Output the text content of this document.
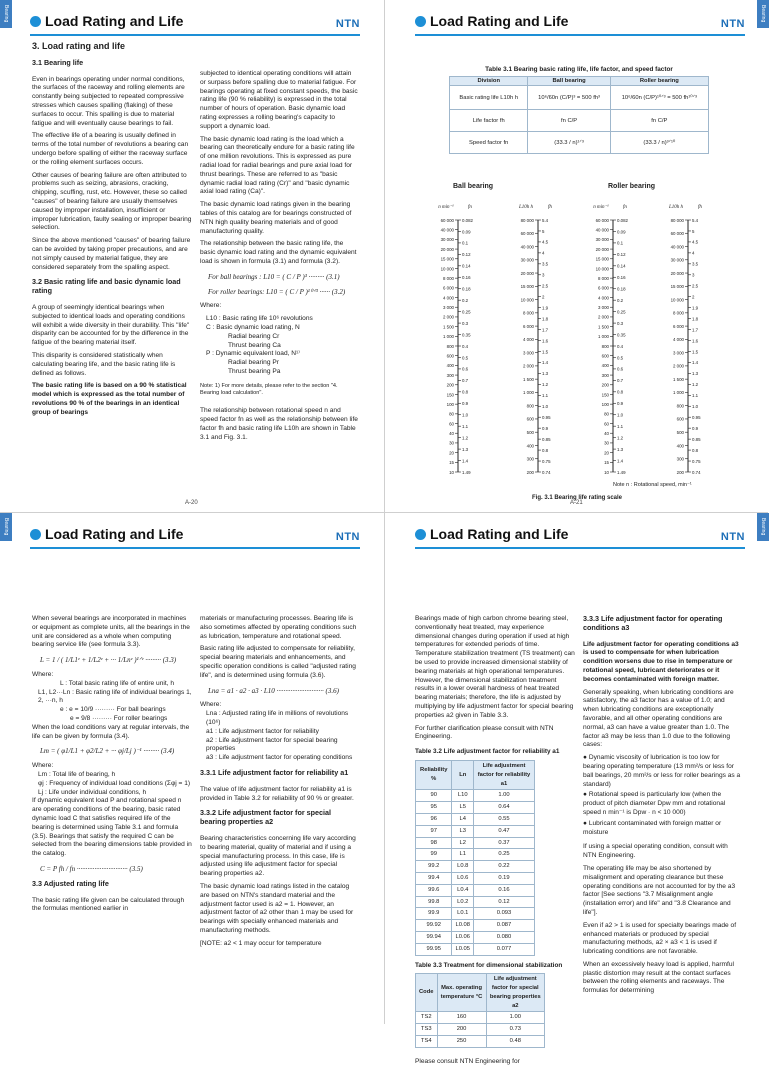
Bearing	Load Rating and Life	NTN
3. Load rating and life
3.1 Bearing life

Even in bearings operating under normal conditions, the surfaces of the raceway and rolling elements are constantly being subjected to repeated compressive stresses which causes spalling (flaking) of these surfaces to occur. This spalling is due to material fatigue and will eventually cause bearings to fail.

The effective life of a bearing is usually defined in terms of the total number of revolutions a bearing can undergo before spalling of either the raceway surface or the rolling element surfaces occurs.

Other causes of bearing failure are often attributed to problems such as seizing, abrasions, cracking, chipping, scuffing, rust, etc. However, these so called "causes" of bearing failure are usually themselves caused by improper installation, insufficient or improper lubrication, faulty sealing or improper bearing selection.

Since the above mentioned "causes" of bearing failure can be avoided by taking proper precautions, and are not simply caused by material fatigue, they are considered separately from the spalling aspect.

3.2 Basic rating life and basic dynamic load rating

A group of seemingly identical bearings when subjected to identical loads and operating conditions will exhibit a wide diversity in their durability. This "life" disparity can be accounted for by the difference in the fatigue of the bearing material itself.

This disparity is considered statistically when calculating bearing life, and the basic rating life is defined as follows.

The basic rating life is based on a 90 % statistical model which is expressed as the total number of revolutions 90 % of the bearings in an identical group of bearings

subjected to identical operating conditions will attain or surpass before spalling due to material fatigue. For bearings operating at fixed constant speeds, the basic rating life (90 % reliability) is expressed in the total number of hours of operation. Basic dynamic load rating expresses a rolling bearing's capacity to support a dynamic load.

The basic dynamic load rating is the load which a bearing can theoretically endure for a basic rating life of one million revolutions. This is expressed as pure radial load for radial bearings and pure axial load for thrust bearings. These are referred to as "basic dynamic radial load rating (Cr)" and "basic dynamic axial load rating (Ca)".

The basic dynamic load ratings given in the bearing tables of this catalog are for bearings constructed of NTN high quality bearing materials and of good manufacturing quality.

The relationship between the basic rating life, the basic dynamic load rating and the dynamic equivalent load is shown in formula (3.1) and formula (3.2).

For ball bearings : L10 = ( C / P )³ ········· (3.1)
For roller bearings: L10 = ( C / P )¹⁰ᐟ³ ······ (3.2)

Where:

L10 : Basic rating life 10⁶ revolutions
C : Basic dynamic load rating, N
Radial bearing Cr
Thrust bearing Ca
P : Dynamic equivalent load, N¹⁾
Radial bearing Pr
Thrust bearing Pa

Note: 1) For more details, please refer to the section "4. Bearing load calculation".

The relationship between rotational speed n and speed factor fn as well as the relationship between life factor fh and basic rating life L10h are shown in Table 3.1 and Fig. 3.1.

A-20
Bearing
Load Rating and Life	NTN
Table 3.1 Bearing basic rating life, life factor, and speed factor
Division	Ball bearing	Roller bearing
Basic rating life L10h h	10⁶/60n (C/P)³ = 500 fh³	10⁶/60n (C/P)¹⁰ᐟ³ = 500 fh¹⁰ᐟ³
Life factor fh	fn C/P	fn C/P
Speed factor fn	(33.3 / n)¹ᐟ³	(33.3 / n)³ᐟ¹⁰
Ball bearing	Roller bearing
n min⁻¹	fn	L10h h	fh
60 000
40 000
30 000
20 000
15 000
10 000
8 000
6 000
4 000
3 000
2 000
1 500
1 000
800
600
400
300
200
150
100
80
60
40
30
20
15
10
0.082
0.09
0.1
0.12
0.14
0.16
0.18
0.2
0.25
0.3
0.35
0.4
0.5
0.6
0.7
0.8
0.9
1.0
1.1
1.2
1.3
1.4
1.49
80 000
60 000
40 000
30 000
20 000
15 000
10 000
8 000
6 000
4 000
3 000
2 000
1 500
1 000
800
600
500
400
300
200
5.4
5
4.5
4
3.5
3
2.5
2
1.9
1.8
1.7
1.6
1.5
1.4
1.3
1.2
1.1
1.0
0.95
0.9
0.85
0.8
0.75
0.74
n min⁻¹	fn	L10h h	fh
60 000
40 000
30 000
20 000
15 000
10 000
8 000
6 000
4 000
3 000
2 000
1 500
1 000
800
600
400
300
200
150
100
80
60
40
30
20
15
10
0.082
0.09
0.1
0.12
0.14
0.16
0.18
0.2
0.25
0.3
0.35
0.4
0.5
0.6
0.7
0.8
0.9
1.0
1.1
1.2
1.3
1.4
1.49
80 000
60 000
40 000
30 000
20 000
15 000
10 000
8 000
6 000
4 000
3 000
2 000
1 500
1 000
800
600
500
400
300
200
5.4
5
4.5
4
3.5
3
2.5
2
1.9
1.8
1.7
1.6
1.5
1.4
1.3
1.2
1.1
1.0
0.95
0.9
0.85
0.8
0.75
0.74
Note n : Rotational speed, min⁻¹
Fig. 3.1 Bearing life rating scale
A-21
Bearing	Load Rating and Life	NTN

When several bearings are incorporated in machines or equipment as complete units, all the bearings in the unit are considered as a whole when computing bearing service life (see formula 3.3).

L = 1 / ( 1/L1ᵉ + 1/L2ᵉ + ··· 1/Lnᵉ )¹ᐟᵉ ········· (3.3)
Where:
L : Total basic rating life of entire unit, h
L1, L2···Ln : Basic rating life of individual bearings 1, 2, ···n, h
e : e = 10/9 ········· For ball bearings
e = 9/8 ········· For roller bearings

When the load conditions vary at regular intervals, the life can be given by formula (3.4).

Lm = ( φ1/L1 + φ2/L2 + ··· φj/Lj )⁻¹ ········· (3.4)
Where:
Lm : Total life of bearing, h
φj : Frequency of individual load conditions (Σφj = 1)
Lj : Life under individual conditions, h

If dynamic equivalent load P and rotational speed n are operating conditions of the bearing, basic rated dynamic load C that satisfies required life of the bearing is determined using Table 3.1 and formula (3.5). Bearings that satisfy the required C can be selected from the bearing dimensions table provided in the catalog.

C = P fh / fn ····························· (3.5)
3.3 Adjusted rating life

The basic rating life given can be calculated through the formulas mentioned earlier in

materials or manufacturing processes. Bearing life is also sometimes affected by operating conditions such as lubrication, temperature and rotational speed.

Basic rating life adjusted to compensate for reliability, special bearing materials and enhancements, and specific operation conditions is called "adjusted rating life", and is determined using formula (3.6).

Lna = a1 · a2 · a3 · L10 ··························· (3.6)
Where:
Lna : Adjusted rating life in millions of revolutions (10⁶)
a1 : Life adjustment factor for reliability
a2 : Life adjustment factor for special bearing properties
a3 : Life adjustment factor for operating conditions
3.3.1 Life adjustment factor for reliability a1

The value of life adjustment factor for reliability a1 is provided in Table 3.2 for reliability of 90 % or greater.

3.3.2 Life adjustment factor for special bearing properties a2

Bearing characteristics concerning life vary according to bearing material, quality of material and if using a special manufacturing process. In this case, life is adjusted using life adjustment factor for special bearing properties a2.

The basic dynamic load ratings listed in the catalog are based on NTN's standard material and the adjustment factor used is a2 = 1. However, an adjustment factor of a2 other than 1 may be used for bearings with specially enhanced materials and manufacturing methods.

[NOTE: a2 < 1 may occur for temperature

Bearing
Load Rating and Life	NTN

Bearings made of high carbon chrome bearing steel, conventionally heat treated, may experience dimensional changes during operation if used at high temperatures for extended periods of time. Temperature stabilization treatment (TS treatment) can be used to provide increased dimensional stability of bearing materials at high operational temperatures. However, the dimensional stabilization treatment results in a lower overall hardness of heat treated bearing materials; therefore, the life is adjusted by multiplying by life adjustment factor for special bearing properties a2 given in Table 3.3.

For further clarification please consult with NTN Engineering.

Table 3.2 Life adjustment factor for reliability a1
Reliability %	Ln	Life adjustment factor for reliability a1
90	L10	1.00
95	L5	0.64
96	L4	0.55
97	L3	0.47
98	L2	0.37
99	L1	0.25
99.2	L0.8	0.22
99.4	L0.6	0.19
99.6	L0.4	0.16
99.8	L0.2	0.12
99.9	L0.1	0.093
99.92	L0.08	0.087
99.94	L0.06	0.080
99.95	L0.05	0.077
Table 3.3 Treatment for dimensional stabilization
Code	Max. operating temperature °C	Life adjustment factor for special bearing properties a2
TS2	160	1.00
TS3	200	0.73
TS4	250	0.48

Please consult NTN Engineering for

3.3.3 Life adjustment factor for operating conditions a3

Life adjustment factor for operating conditions a3 is used to compensate for when lubrication condition worsens due to rise in temperature or rotational speed, lubricant deteriorates or it becomes contaminated with foreign matter.

Generally speaking, when lubricating conditions are satisfactory, the a3 factor has a value of 1.0; and when lubricating conditions are exceptionally favorable, and all other operating conditions are normal, a3 can have a value greater than 1.0. The factor a3 may be less than 1.0 due to the following cases:

● Dynamic viscosity of lubrication is too low for bearing operating temperature (13 mm²/s or less for ball bearings, 20 mm²/s or less for roller bearings as a standard)
● Rotational speed is particularly low (when the product of pitch diameter Dpw mm and rotational speed n min⁻¹ is Dpw · n < 10 000)
● Lubricant contaminated with foreign matter or moisture

If using a special operating condition, consult with NTN Engineering.

The operating life may be also shortened by misalignment and operating clearance but these operating conditions are not accounted for by the a3 factor [See sections "3.7 Misalignment angle (installation error) and life" and "3.8 Clearance and life"].

Even if a2 > 1 is used for specialty bearings made of enhanced materials or produced by special manufacturing methods, a2 × a3 < 1 is used if lubricating conditions are not favorable.

When an excessively heavy load is applied, harmful plastic distortion may result at the contact surfaces between the rolling elements and raceways. The formulas for determining
